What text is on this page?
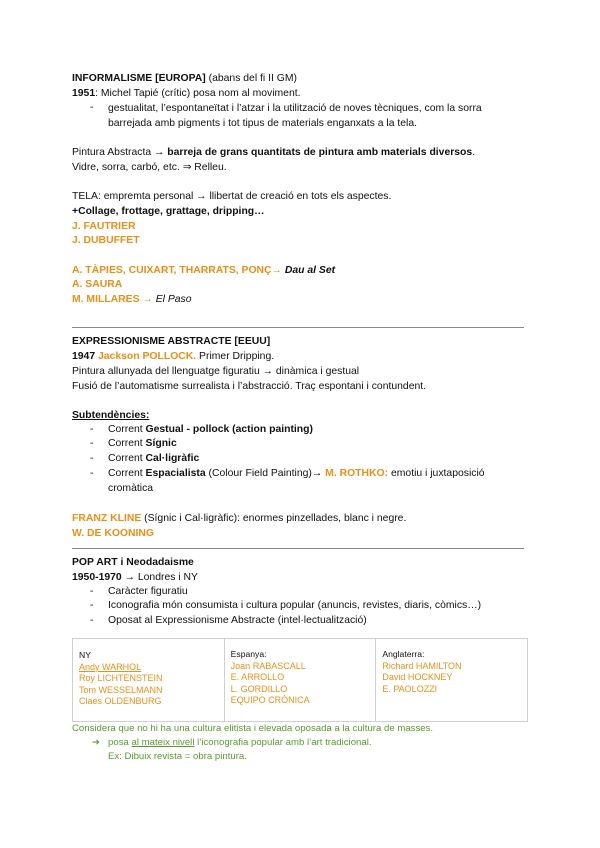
INFORMALISME [EUROPA] (abans del fi II GM)
1951: Michel Tapié (crític) posa nom al moviment.
- gestualitat, l’espontaneïtat i l’atzar i la utilització de noves tècniques, com la sorra
barrejada amb pigments i tot tipus de materials enganxats a la tela.
Pintura Abstracta → barreja de grans quantitats de pintura amb materials diversos.
Vidre, sorra, carbó, etc. ⇒ Relleu.
TELA: empremta personal → llibertat de creació en tots els aspectes.
+Collage, frottage, grattage, dripping…
J. FAUTRIER
J. DUBUFFET
A. TÀPIES, CUIXART, THARRATS, PONÇ→ Dau al Set
A. SAURA
M. MILLARES → El Paso
EXPRESSIONISME ABSTRACTE [EEUU]
1947 Jackson POLLOCK. Primer Dripping.
Pintura allunyada del llenguatge figuratiu → dinàmica i gestual
Fusió de l’automatisme surrealista i l’abstracció. Traç espontani i contundent.
Subtendències:
- Corrent Gestual - pollock (action painting)
- Corrent Sígnic
- Corrent Cal·ligràfic
- Corrent Espacialista (Colour Field Painting)→ M. ROTHKO: emotiu i juxtaposició
cromàtica
FRANZ KLINE (Sígnic i Cal·ligràfic): enormes pinzellades, blanc i negre.
W. DE KOONING
POP ART i Neodadaisme
1950-1970 → Londres i NY
- Caràcter figuratiu
- Iconografia món consumista i cultura popular (anuncis, revistes, diaris, còmics…)
- Oposat al Expressionisme Abstracte (intel·lectualització)
NY
Andy WARHOL
Roy LICHTENSTEIN
Tom WESSELMANN
Claes OLDENBURG
Espanya:
Joan RABASCALL
E. ARROLLO
L. GORDILLO
EQUIPO CRÓNICA
Anglaterra:
Richard HAMILTON
David HOCKNEY
E. PAOLOZZI
Considera que no hi ha una cultura elitista i elevada oposada a la cultura de masses.
➔ posa al mateix nivell l’iconografia popular amb l’art tradicional.
Ex: Dibuix revista = obra pintura.
